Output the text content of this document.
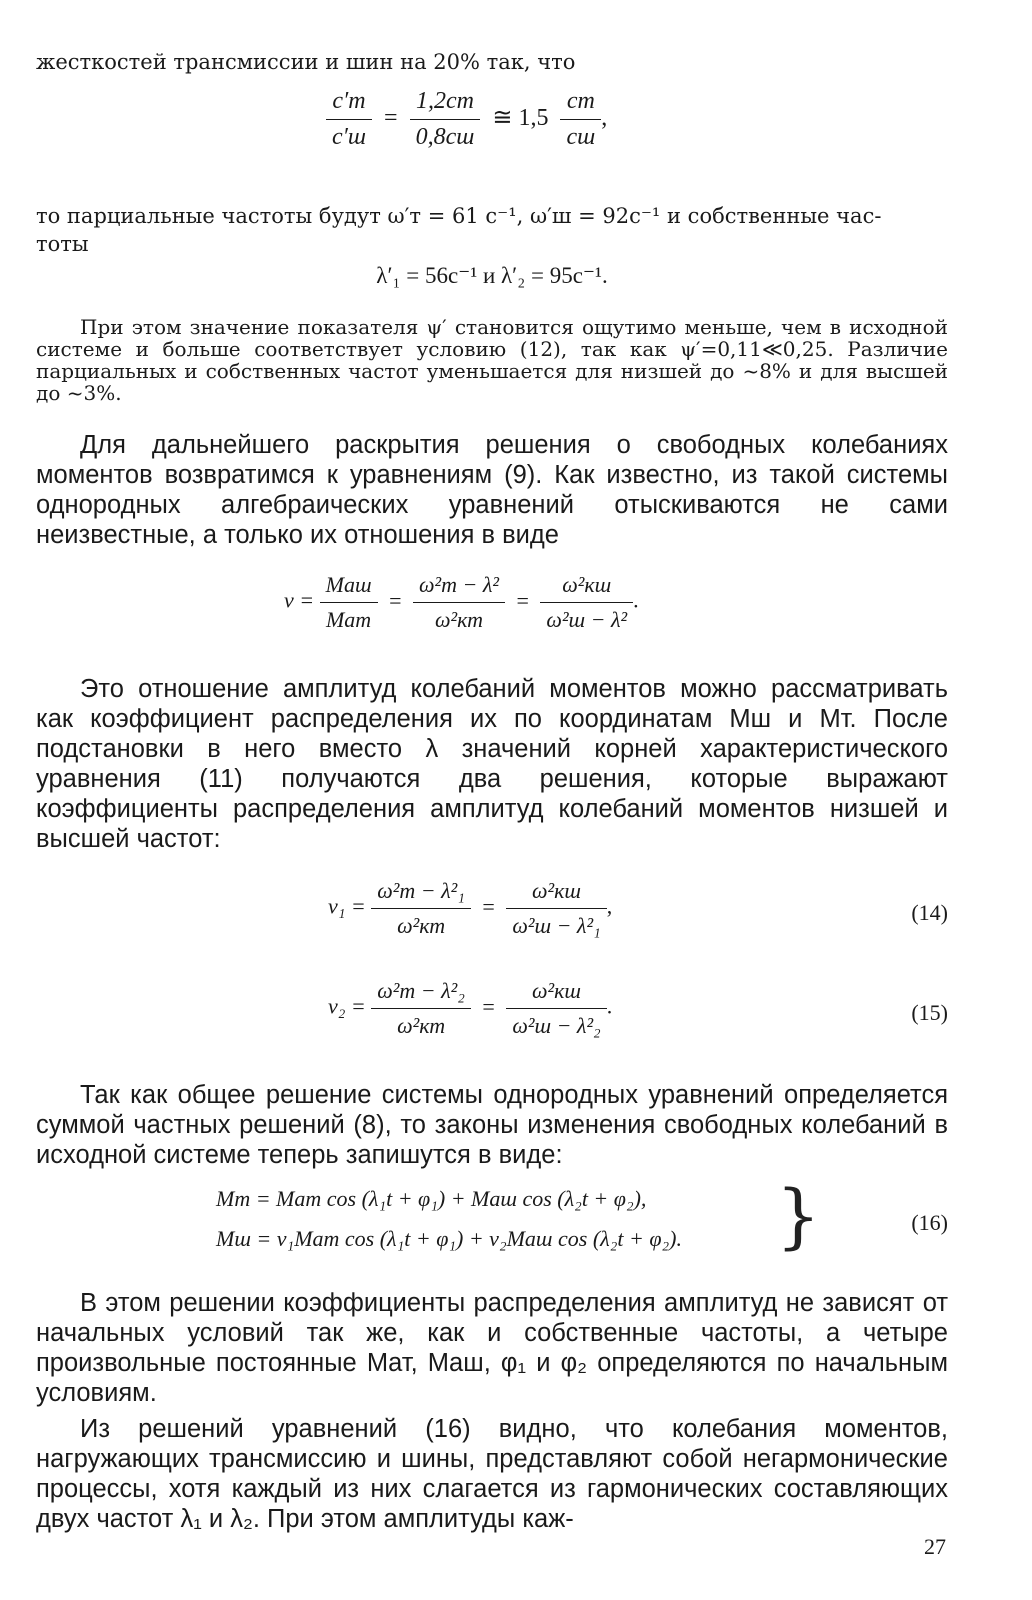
жесткостей трансмиссии и шин на 20% так, что
c′т
c′ш
=
1,2cт
0,8cш
≅ 1,5
cт
cш
,
то парциальные частоты будут ω′т = 61 с⁻¹, ω′ш = 92с⁻¹ и собственные час-
тоты
λ′₁ = 56с⁻¹ и λ′₂ = 95с⁻¹.
При этом значение показателя ψ′ становится ощутимо меньше, чем в исходной системе и больше соответствует условию (12), так как ψ′=0,11≪0,25. Различие парциальных и собственных частот уменьшается для низшей до ~8% и для высшей до ~3%.
Для дальнейшего раскрытия решения о свободных колебаниях моментов возвратимся к уравнениям (9). Как известно, из такой системы однородных алгебраических уравнений отыскиваются не сами неизвестные, а только их отношения в виде
ν =
Mаш
Mат
=
ω²т − λ²
ω²кт
=
ω²кш
ω²ш − λ²
.
Это отношение амплитуд колебаний моментов можно рассматривать как коэффициент распределения их по координатам Mш и Mт. После подстановки в него вместо λ значений корней характеристического уравнения (11) получаются два решения, которые выражают коэффициенты распределения амплитуд колебаний моментов низшей и высшей частот:
ν₁ =
ω²т − λ²₁
ω²кт
=
ω²кш
ω²ш − λ²₁
,	(14)
ν₂ =
ω²т − λ²₂
ω²кт
=
ω²кш
ω²ш − λ²₂
.	(15)
Так как общее решение системы однородных уравнений определяется суммой частных решений (8), то законы изменения свободных колебаний в исходной системе теперь запишутся в виде:
Mт = Mат cos (λ₁t + φ₁) + Mаш cos (λ₂t + φ₂),
Mш = ν₁Mат cos (λ₁t + φ₁) + ν₂Mаш cos (λ₂t + φ₂). }	(16)
В этом решении коэффициенты распределения амплитуд не зависят от начальных условий так же, как и собственные частоты, а четыре произвольные постоянные Mат, Mаш, φ₁ и φ₂ определяются по начальным условиям.
Из решений уравнений (16) видно, что колебания моментов, нагружающих трансмиссию и шины, представляют собой негармонические процессы, хотя каждый из них слагается из гармонических составляющих двух частот λ₁ и λ₂. При этом амплитуды каж-
27
